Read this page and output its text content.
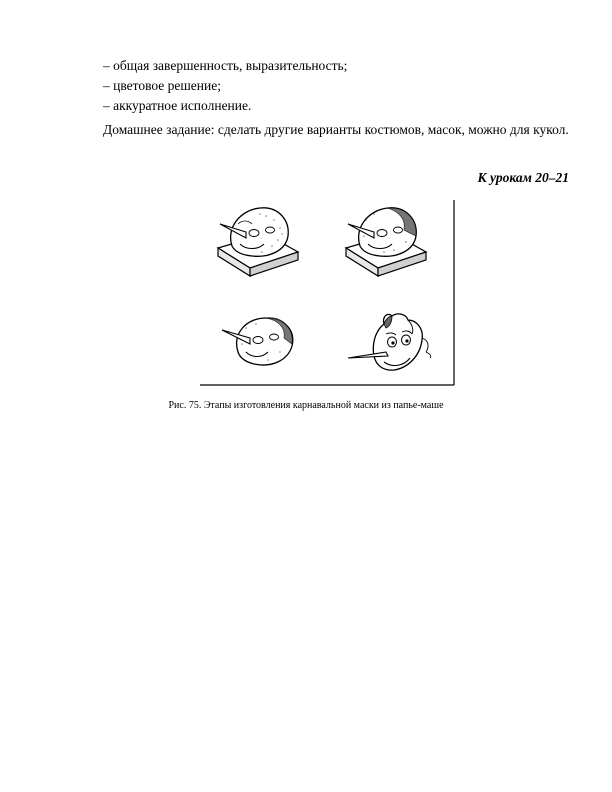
– общая завершенность, выразительность;
– цветовое решение;
– аккуратное исполнение.
Домашнее задание: сделать другие варианты костюмов, масок, можно для кукол.
К урокам 20–21
Рис. 75. Этапы изготовления карнавальной маски из папье-маше
